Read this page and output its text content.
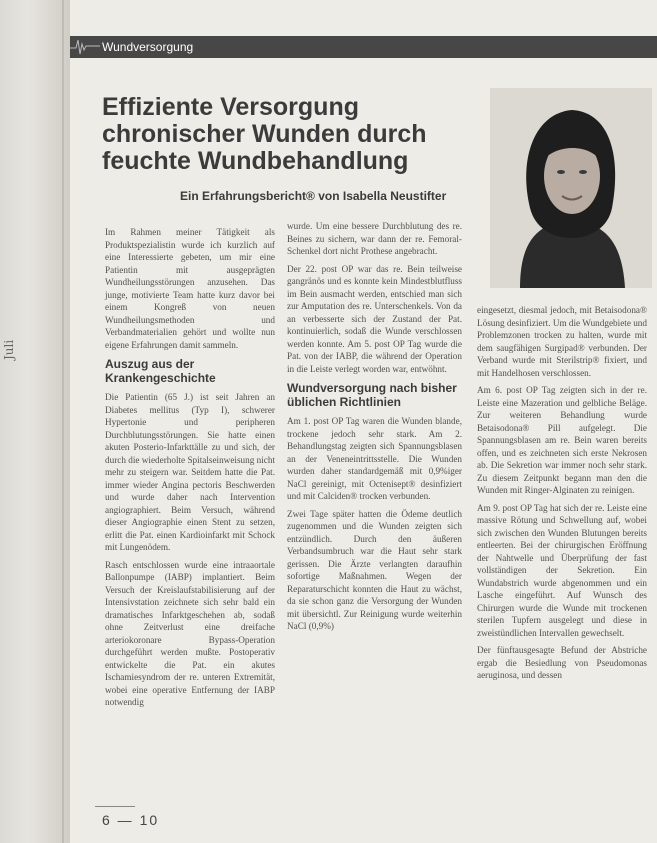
Juli
Wundversorgung
Effiziente Versorgung chronischer Wunden durch feuchte Wundbehandlung
Ein Erfahrungsbericht® von Isabella Neustifter

Im Rahmen meiner Tätigkeit als Produktspezialistin wurde ich kurzlich auf eine Interessierte gebeten, um mir eine Patientin mit ausgeprägten Wundheilungsstörungen anzusehen. Das junge, motivierte Team hatte kurz davor bei einem Kongreß von neuen Wundheilungsmethoden und Verbandmaterialien gehört und wollte nun eigene Erfahrungen damit sammeln.

Auszug aus der Krankengeschichte

Die Patientin (65 J.) ist seit Jahren an Diabetes mellitus (Typ I), schwerer Hypertonie und peripheren Durchblutungsstörungen. Sie hatte einen akuten Posterio-Infarkttälle zu und sich, der durch die wiederholte Spitalseinweisung nicht mehr zu steigern war. Seitdem hatte die Pat. immer wieder Angina pectoris Beschwerden und wurde daher nach Intervention angiographiert. Beim Versuch, während dieser Angiographie einen Stent zu setzen, erlitt die Pat. einen Kardioinfarkt mit Schock mit Lungenödem.

Rasch entschlossen wurde eine intraaortale Ballonpumpe (IABP) implantiert. Beim Versuch der Kreislaufstabilisierung auf der Intensivstation zeichnete sich sehr bald ein dramatisches Infarktgeschehen ab, sodaß ohne Zeitverlust eine dreifache arteriokoronare Bypass-Operation durchgeführt werden mußte. Postoperativ entwickelte die Pat. ein akutes Ischamiesyndrom der re. unteren Extremität, wobei eine operative Entfernung der IABP notwendig

wurde. Um eine bessere Durchblutung des re. Beines zu sichern, war dann der re. Femoral-Schenkel dort nicht Prothese angebracht.

Der 22. post OP war das re. Bein teilweise gangränös und es konnte kein Mindestblutfluss im Bein ausmacht werden, entschied man sich zur Amputation des re. Unterschenkels. Von da an verbesserte sich der Zustand der Pat. kontinuierlich, sodaß die Wunde verschlossen werden konnte. Am 5. post OP Tag wurde die Pat. von der IABP, die während der Operation in die Leiste verlegt worden war, entwöhnt.

Wundversorgung nach bisher üblichen Richtlinien

Am 1. post OP Tag waren die Wunden blande, trockene jedoch sehr stark. Am 2. Behandlungstag zeigten sich Spannungsblasen an der Veneneintrittsstelle. Die Wunden wurden daher standardgemäß mit 0,9%iger NaCl gereinigt, mit Octenisept® desinfiziert und mit Calciden® trocken verbunden.

Zwei Tage später hatten die Ödeme deutlich zugenommen und die Wunden zeigten sich entzündlich. Durch den äußeren Verbandsumbruch war die Haut sehr stark gerissen. Die Ärzte verlangten daraufhin sofortige Maßnahmen. Wegen der Reparaturschicht konnten die Haut zu wächst, da sie schon ganz die Versorgung der Wunden mit übersichtl. Zur Reinigung wurde weiterhin NaCl (0,9%)

eingesetzt, diesmal jedoch, mit Betaisodona® Lösung desinfiziert. Um die Wundgebiete und Problemzonen trocken zu halten, wurde mit dem saugfähigen Surgipad® verbunden. Der Verband wurde mit Sterilstrip® fixiert, und mit Handelhosen verschlossen.

Am 6. post OP Tag zeigten sich in der re. Leiste eine Mazeration und gelbliche Beläge. Zur weiteren Behandlung wurde Betaisodona® Pill aufgelegt. Die Spannungsblasen am re. Bein waren bereits offen, und es zeichneten sich erste Nekrosen ab. Die Sekretion war immer noch sehr stark. Zu diesem Zeitpunkt begann man den die Wunden mit Ringer-Alginaten zu reinigen.

Am 9. post OP Tag hat sich der re. Leiste eine massive Rötung und Schwellung auf, wobei sich zwischen den Wunden Blutungen bereits entleerten. Bei der chirurgischen Eröffnung der Nahtwelle und Überprüfung der fast vollständigen der Sekretion. Ein Wundabstrich wurde abgenommen und ein Lasche eingeführt. Auf Wunsch des Chirurgen wurde die Wunde mit trockenen sterilen Tupfern ausgelegt und diese in zweistündlichen Intervallen gewechselt.

Der fünftausgesagte Befund der Abstriche ergab die Besiedlung von Pseudomonas aeruginosa, und dessen

6 — 10
